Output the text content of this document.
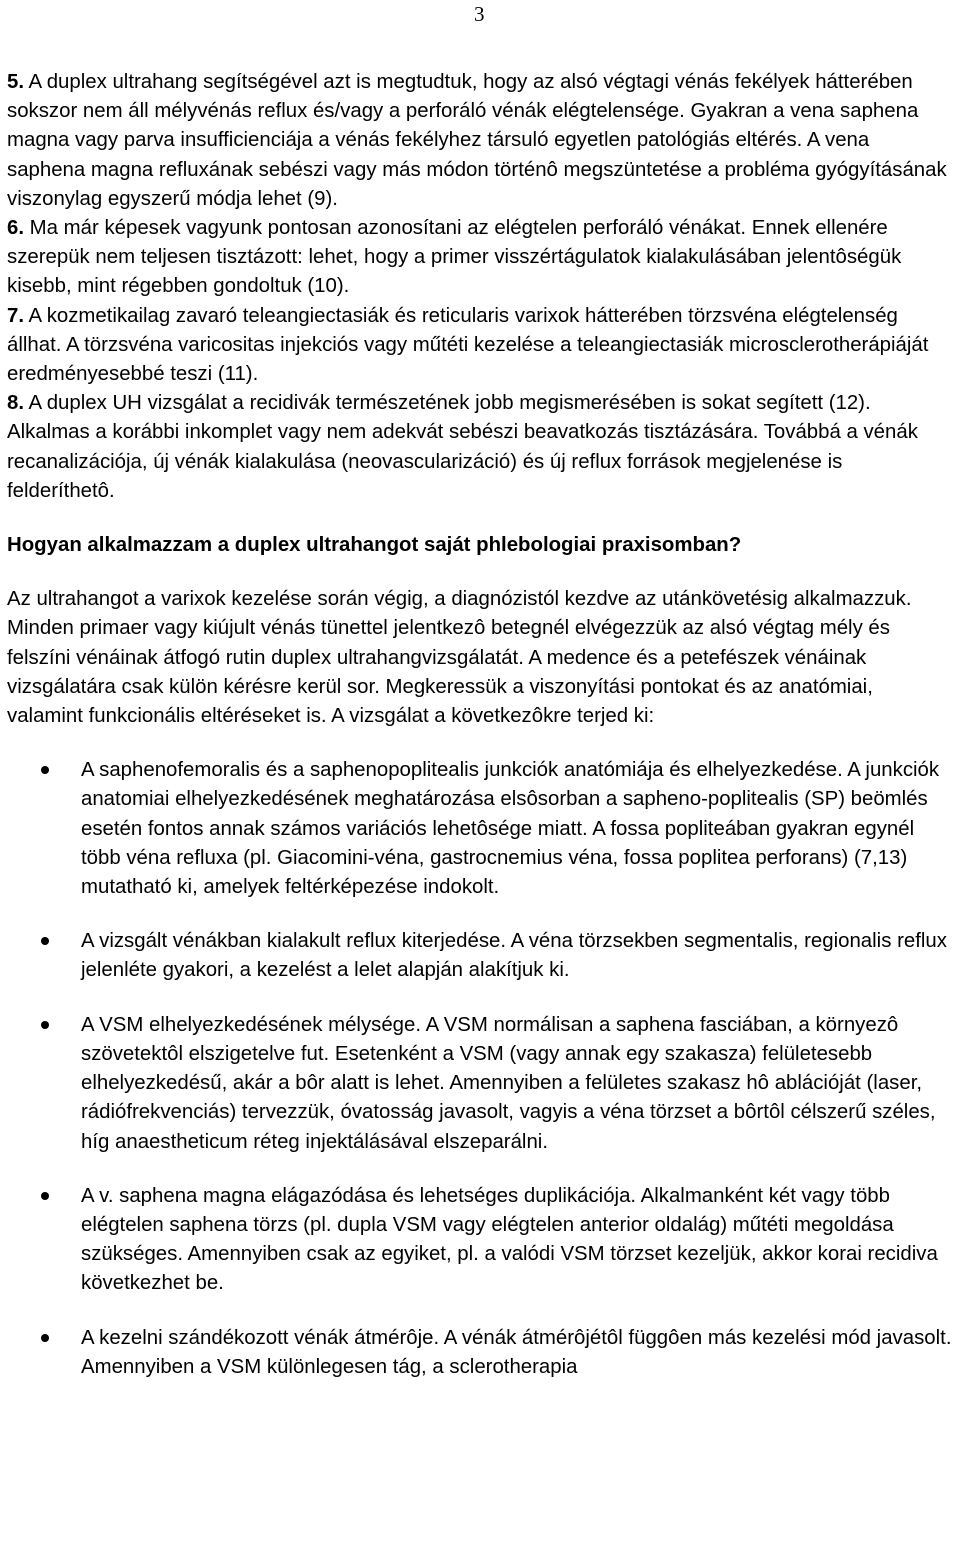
3

5. A duplex ultrahang segítségével azt is megtudtuk, hogy az alsó végtagi vénás fekélyek hátterében sokszor nem áll mélyvénás reflux és/vagy a perforáló vénák elégtelensége. Gyakran a vena saphena magna vagy parva insufficienciája a vénás fekélyhez társuló egyetlen patológiás eltérés. A vena saphena magna refluxának sebészi vagy más módon történô megszüntetése a probléma gyógyításának viszonylag egyszerű módja lehet (9).

6. Ma már képesek vagyunk pontosan azonosítani az elégtelen perforáló vénákat. Ennek ellenére szerepük nem teljesen tisztázott: lehet, hogy a primer visszértágulatok kialakulásában jelentôségük kisebb, mint régebben gondoltuk (10).

7. A kozmetikailag zavaró teleangiectasiák és reticularis varixok hátterében törzsvéna elégtelenség állhat. A törzsvéna varicositas injekciós vagy műtéti kezelése a teleangiectasiák microsclerotherápiáját eredményesebbé teszi (11).

8. A duplex UH vizsgálat a recidivák természetének jobb megismerésében is sokat segített (12). Alkalmas a korábbi inkomplet vagy nem adekvát sebészi beavatkozás tisztázására. Továbbá a vénák recanalizációja, új vénák kialakulása (neovascularizáció) és új reflux források megjelenése is felderíthetô.

Hogyan alkalmazzam a duplex ultrahangot saját phlebologiai praxisomban?

Az ultrahangot a varixok kezelése során végig, a diagnózistól kezdve az utánkövetésig alkalmazzuk. Minden primaer vagy kiújult vénás tünettel jelentkezô betegnél elvégezzük az alsó végtag mély és felszíni vénáinak átfogó rutin duplex ultrahangvizsgálatát. A medence és a petefészek vénáinak vizsgálatára csak külön kérésre kerül sor. Megkeressük a viszonyítási pontokat és az anatómiai, valamint funkcionális eltéréseket is. A vizsgálat a következôkre terjed ki:

A saphenofemoralis és a saphenopoplitealis junkciók anatómiája és elhelyezkedése. A junkciók anatomiai elhelyezkedésének meghatározása elsôsorban a sapheno-poplitealis (SP) beömlés esetén fontos annak számos variációs lehetôsége miatt. A fossa popliteában gyakran egynél több véna refluxa (pl. Giacomini-véna, gastrocnemius véna, fossa poplitea perforans) (7,13) mutatható ki, amelyek feltérképezése indokolt.
A vizsgált vénákban kialakult reflux kiterjedése. A véna törzsekben segmentalis, regionalis reflux jelenléte gyakori, a kezelést a lelet alapján alakítjuk ki.
A VSM elhelyezkedésének mélysége. A VSM normálisan a saphena fasciában, a környezô szövetektôl elszigetelve fut. Esetenként a VSM (vagy annak egy szakasza) felületesebb elhelyezkedésű, akár a bôr alatt is lehet. Amennyiben a felületes szakasz hô ablációját (laser, rádiófrekvenciás) tervezzük, óvatosság javasolt, vagyis a véna törzset a bôrtôl célszerű széles, híg anaestheticum réteg injektálásával elszeparálni.
A v. saphena magna elágazódása és lehetséges duplikációja. Alkalmanként két vagy több elégtelen saphena törzs (pl. dupla VSM vagy elégtelen anterior oldalág) műtéti megoldása szükséges. Amennyiben csak az egyiket, pl. a valódi VSM törzset kezeljük, akkor korai recidiva következhet be.
A kezelni szándékozott vénák átmérôje. A vénák átmérôjétôl függôen más kezelési mód javasolt. Amennyiben a VSM különlegesen tág, a sclerotherapia
